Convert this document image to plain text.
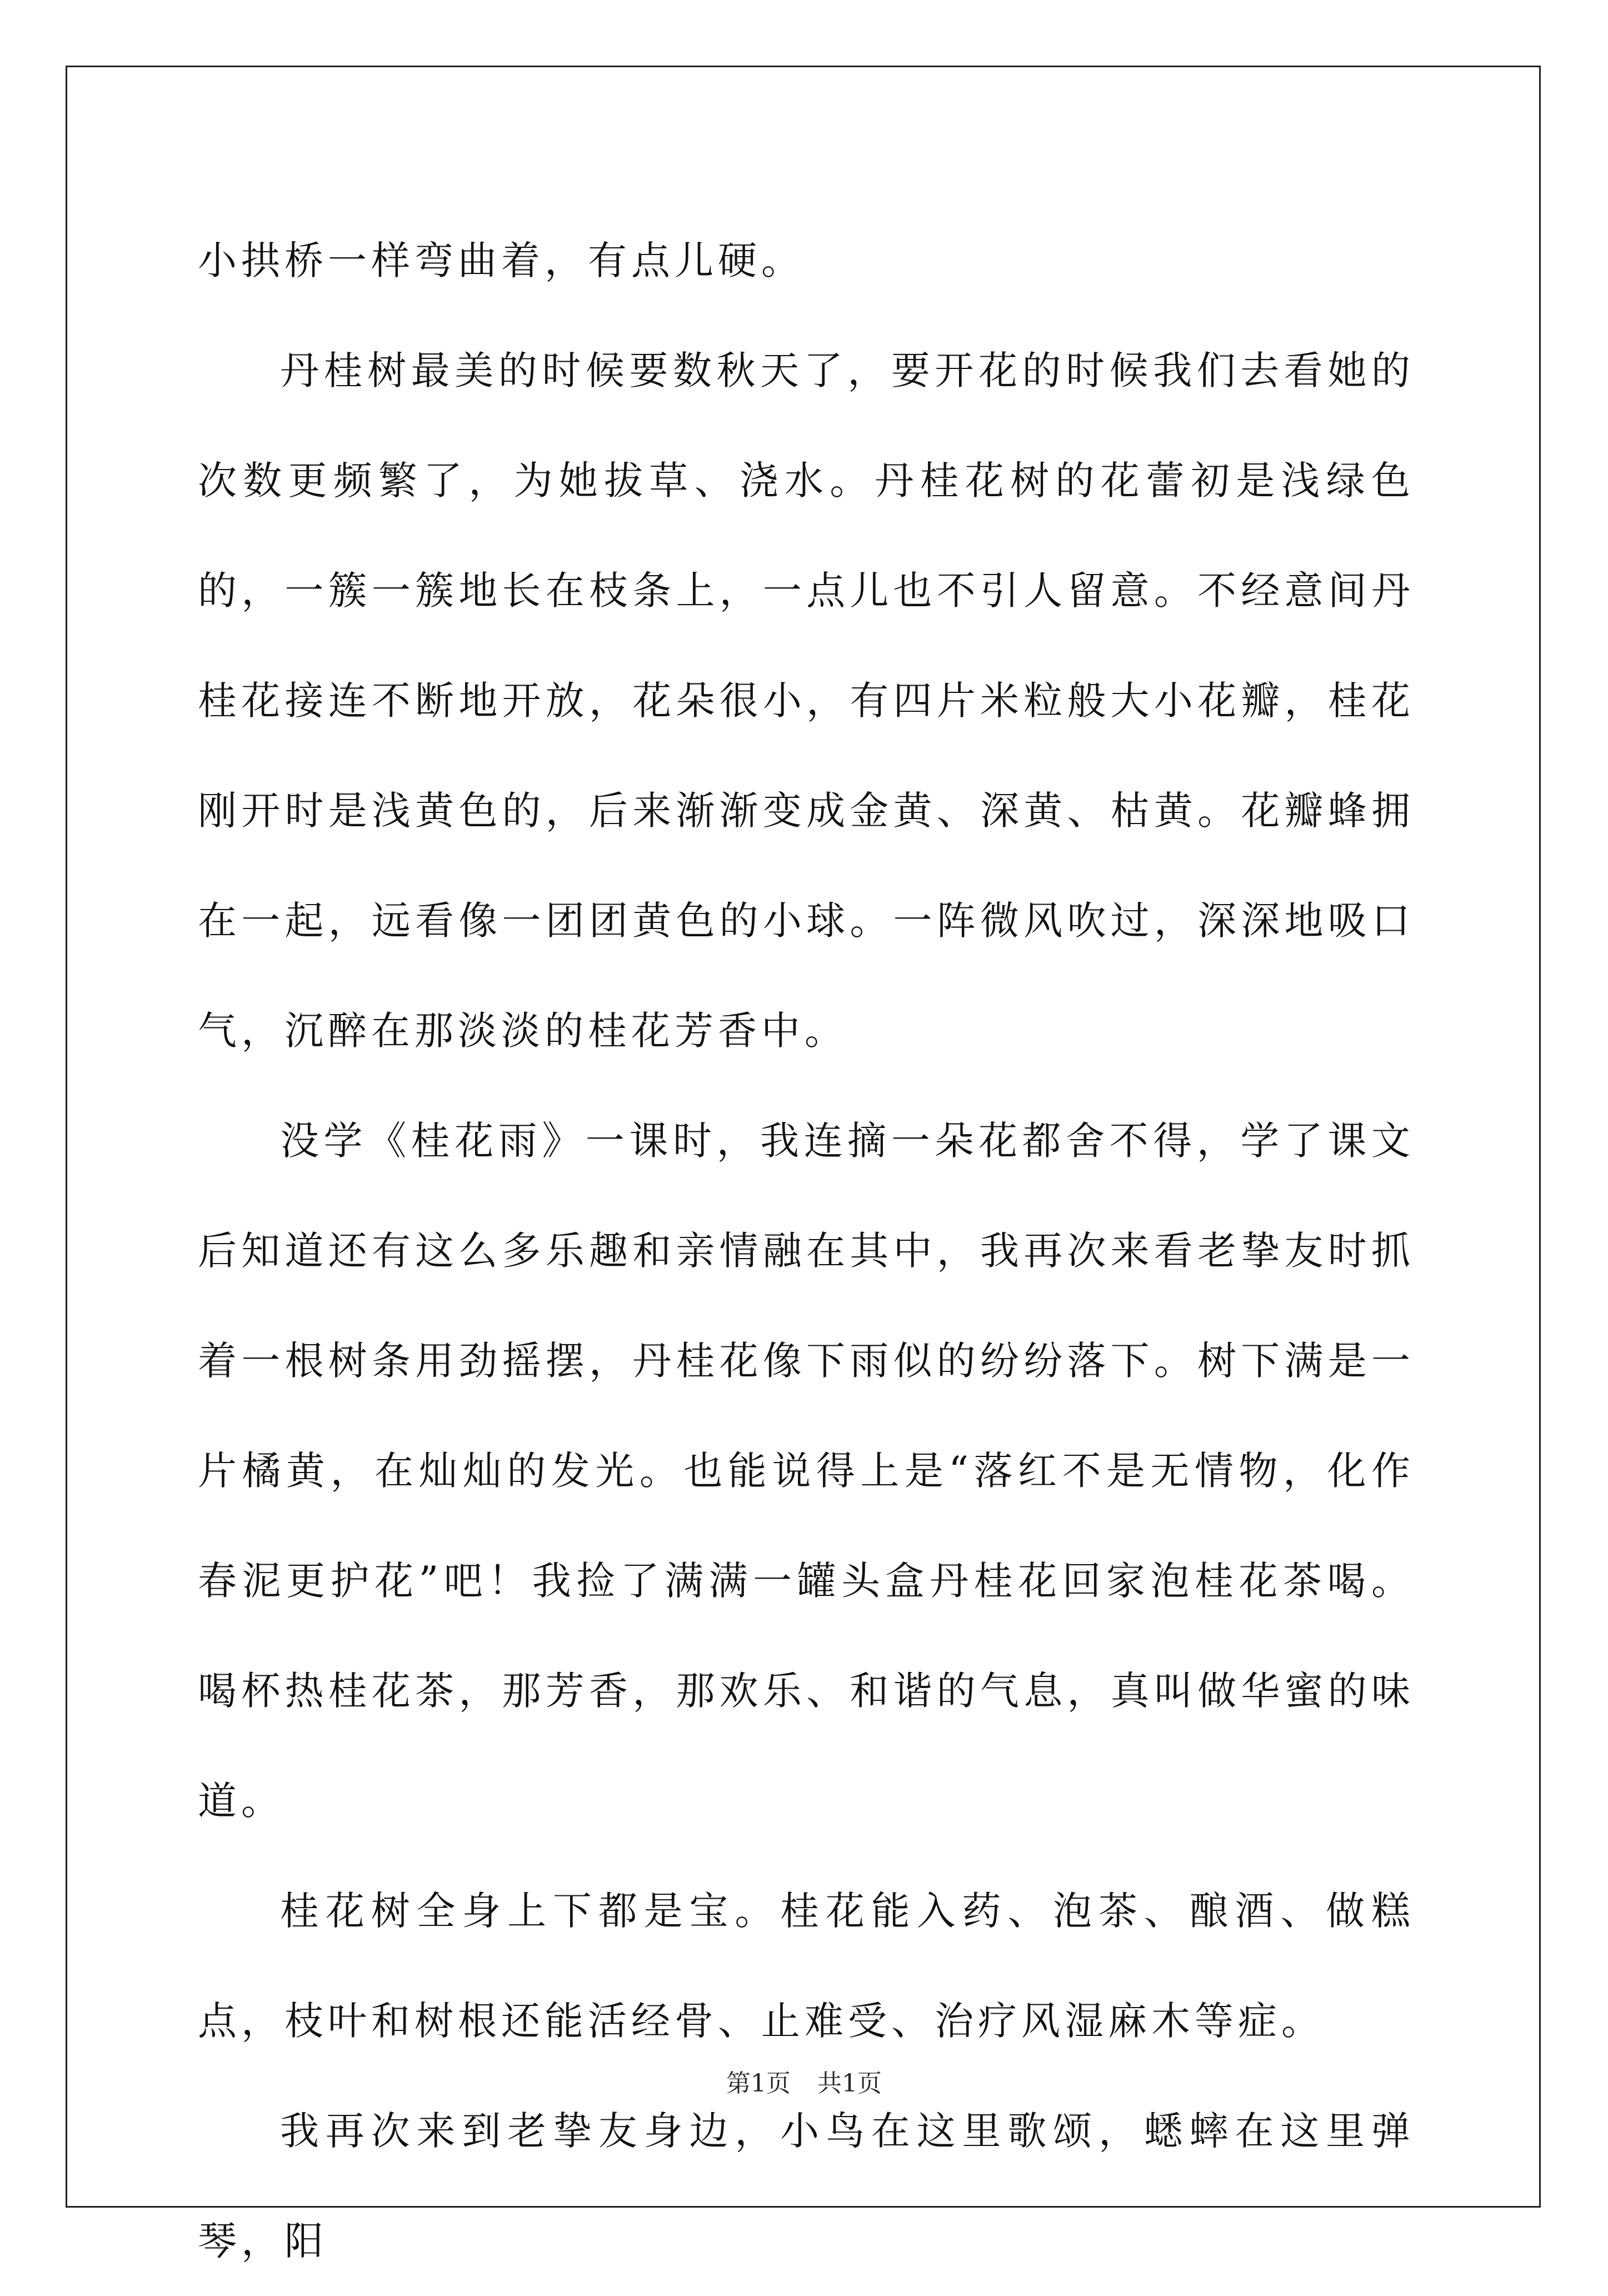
小拱桥一样弯曲着，有点儿硬。

丹桂树最美的时候要数秋天了，要开花的时候我们去看她的次数更频繁了，为她拔草、浇水。丹桂花树的花蕾初是浅绿色的，一簇一簇地长在枝条上，一点儿也不引人留意。不经意间丹桂花接连不断地开放，花朵很小，有四片米粒般大小花瓣，桂花刚开时是浅黄色的，后来渐渐变成金黄、深黄、枯黄。花瓣蜂拥在一起，远看像一团团黄色的小球。一阵微风吹过，深深地吸口气，沉醉在那淡淡的桂花芳香中。

没学《桂花雨》一课时，我连摘一朵花都舍不得，学了课文后知道还有这么多乐趣和亲情融在其中，我再次来看老挚友时抓着一根树条用劲摇摆，丹桂花像下雨似的纷纷落下。树下满是一片橘黄，在灿灿的发光。也能说得上是“落红不是无情物，化作春泥更护花”吧！我捡了满满一罐头盒丹桂花回家泡桂花茶喝。喝杯热桂花茶，那芳香，那欢乐、和谐的气息，真叫做华蜜的味道。

桂花树全身上下都是宝。桂花能入药、泡茶、酿酒、做糕点，枝叶和树根还能活经骨、止难受、治疗风湿麻木等症。

我再次来到老挚友身边，小鸟在这里歌颂，蟋蟀在这里弹琴，阳

第1页 共1页
